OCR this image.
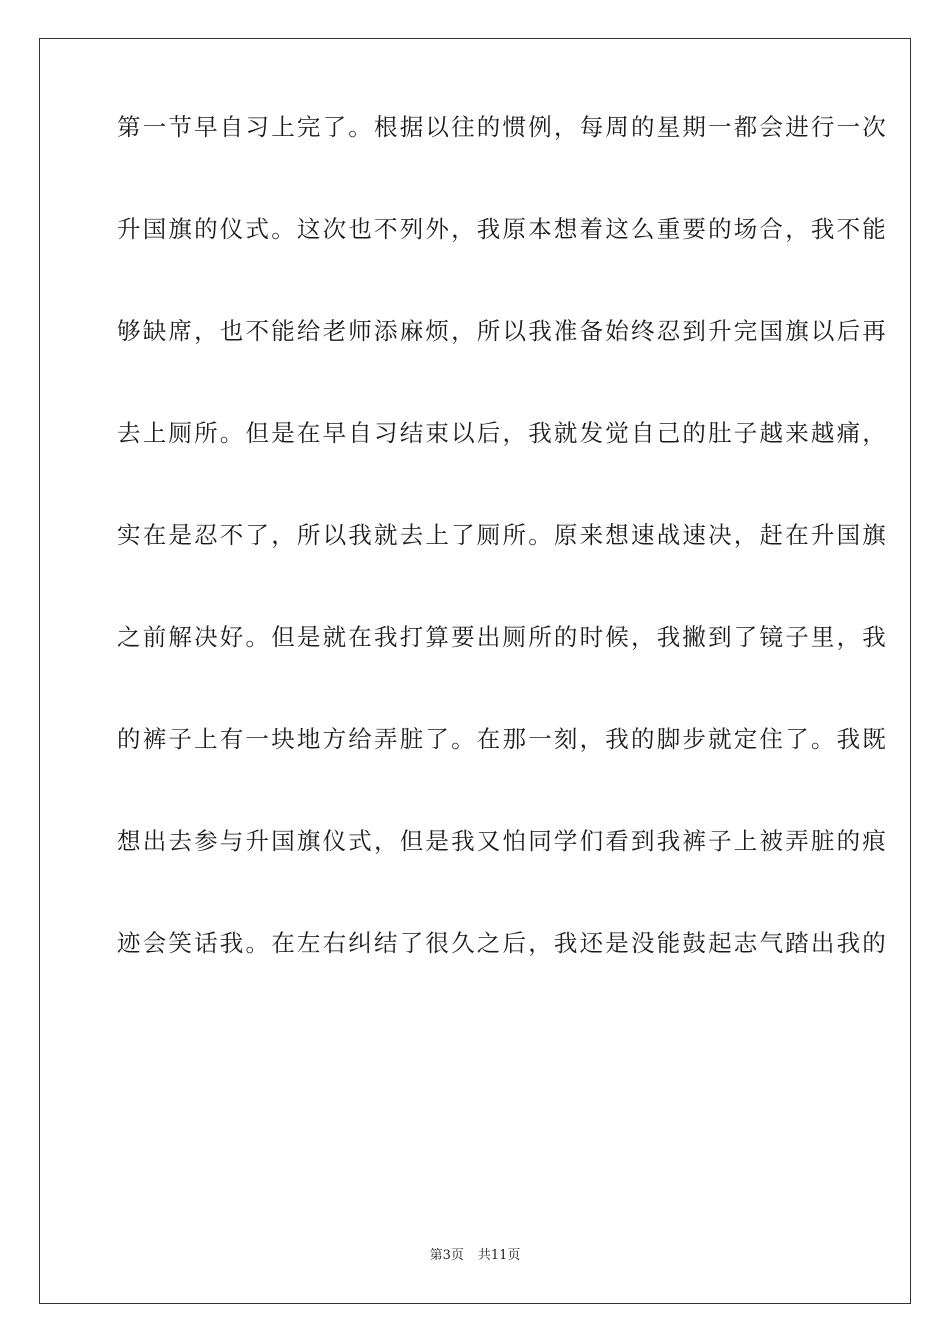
第一节早自习上完了。根据以往的惯例，每周的星期一都会进行一次
升国旗的仪式。这次也不列外，我原本想着这么重要的场合，我不能
够缺席，也不能给老师添麻烦，所以我准备始终忍到升完国旗以后再
去上厕所。但是在早自习结束以后，我就发觉自己的肚子越来越痛，
实在是忍不了，所以我就去上了厕所。原来想速战速决，赶在升国旗
之前解决好。但是就在我打算要出厕所的时候，我撇到了镜子里，我
的裤子上有一块地方给弄脏了。在那一刻，我的脚步就定住了。我既
想出去参与升国旗仪式，但是我又怕同学们看到我裤子上被弄脏的痕
迹会笑话我。在左右纠结了很久之后，我还是没能鼓起志气踏出我的
第3页 共11页
